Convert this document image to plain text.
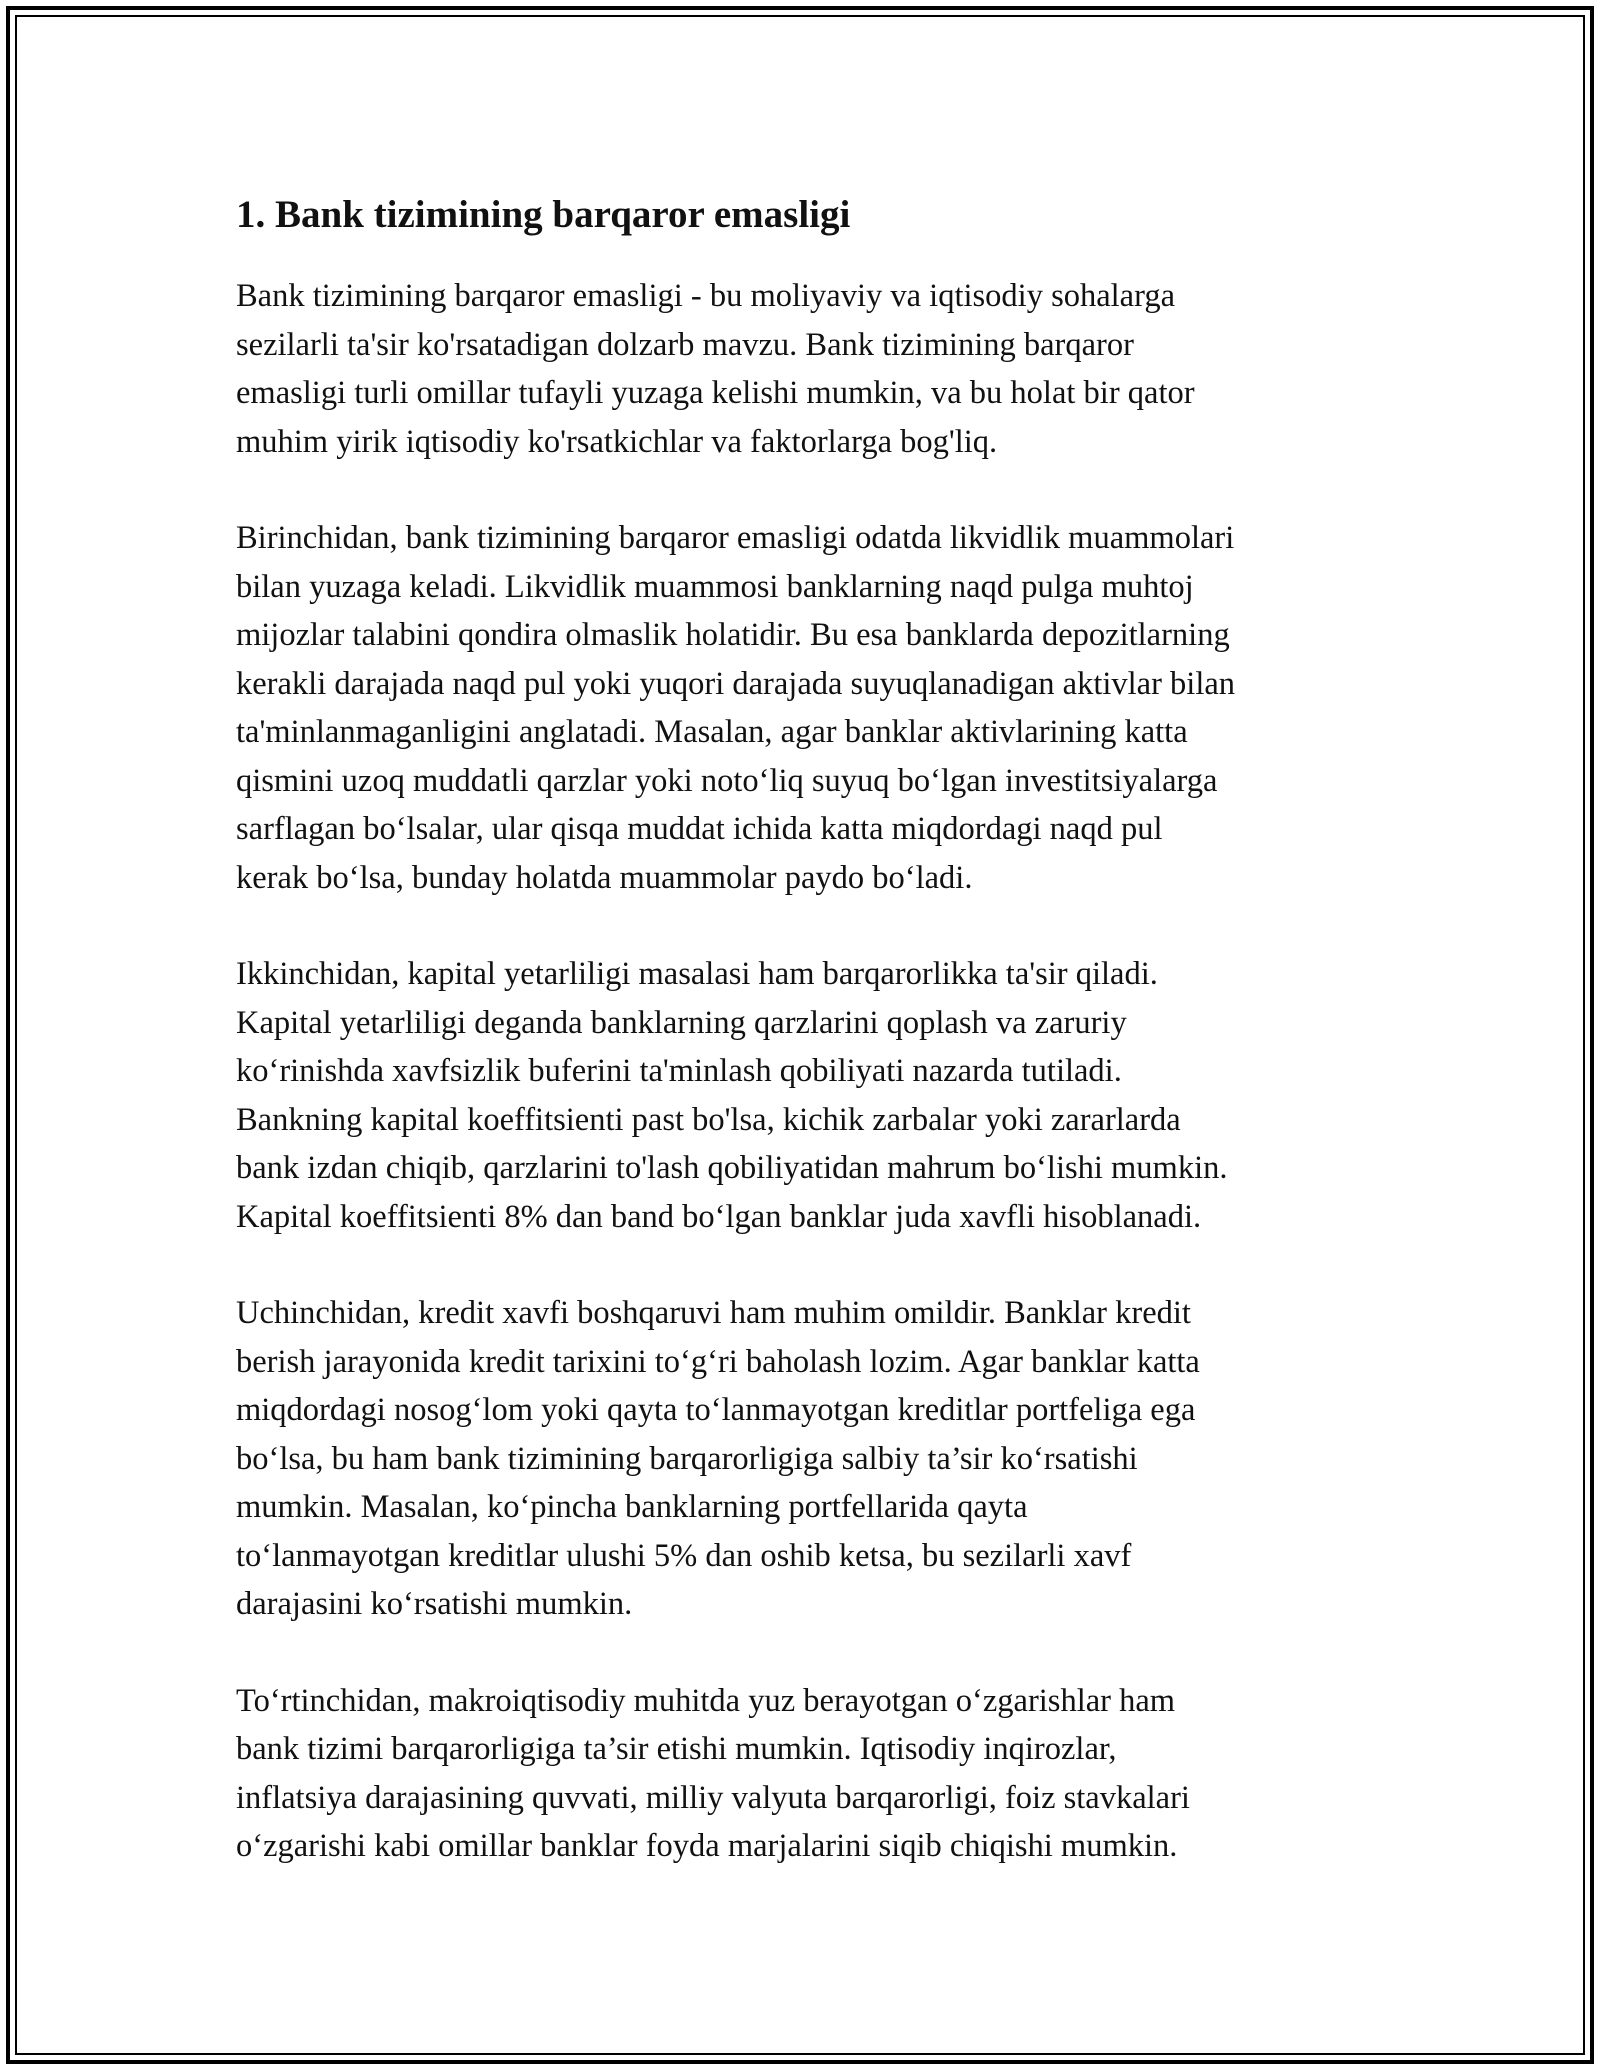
1. Bank tizimining barqaror emasligi

Bank tizimining barqaror emasligi - bu moliyaviy va iqtisodiy sohalarga
sezilarli ta'sir ko'rsatadigan dolzarb mavzu. Bank tizimining barqaror
emasligi turli omillar tufayli yuzaga kelishi mumkin, va bu holat bir qator
muhim yirik iqtisodiy ko'rsatkichlar va faktorlarga bog'liq.

Birinchidan, bank tizimining barqaror emasligi odatda likvidlik muammolari
bilan yuzaga keladi. Likvidlik muammosi banklarning naqd pulga muhtoj
mijozlar talabini qondira olmaslik holatidir. Bu esa banklarda depozitlarning
kerakli darajada naqd pul yoki yuqori darajada suyuqlanadigan aktivlar bilan
ta'minlanmaganligini anglatadi. Masalan, agar banklar aktivlarining katta
qismini uzoq muddatli qarzlar yoki noto‘liq suyuq bo‘lgan investitsiyalarga
sarflagan bo‘lsalar, ular qisqa muddat ichida katta miqdordagi naqd pul
kerak bo‘lsa, bunday holatda muammolar paydo bo‘ladi.

Ikkinchidan, kapital yetarliligi masalasi ham barqarorlikka ta'sir qiladi.
Kapital yetarliligi deganda banklarning qarzlarini qoplash va zaruriy
ko‘rinishda xavfsizlik buferini ta'minlash qobiliyati nazarda tutiladi.
Bankning kapital koeffitsienti past bo'lsa, kichik zarbalar yoki zararlarda
bank izdan chiqib, qarzlarini to'lash qobiliyatidan mahrum bo‘lishi mumkin.
Kapital koeffitsienti 8% dan band bo‘lgan banklar juda xavfli hisoblanadi.

Uchinchidan, kredit xavfi boshqaruvi ham muhim omildir. Banklar kredit
berish jarayonida kredit tarixini to‘g‘ri baholash lozim. Agar banklar katta
miqdordagi nosog‘lom yoki qayta to‘lanmayotgan kreditlar portfeliga ega
bo‘lsa, bu ham bank tizimining barqarorligiga salbiy ta’sir ko‘rsatishi
mumkin. Masalan, ko‘pincha banklarning portfellarida qayta
to‘lanmayotgan kreditlar ulushi 5% dan oshib ketsa, bu sezilarli xavf
darajasini ko‘rsatishi mumkin.

To‘rtinchidan, makroiqtisodiy muhitda yuz berayotgan o‘zgarishlar ham
bank tizimi barqarorligiga ta’sir etishi mumkin. Iqtisodiy inqirozlar,
inflatsiya darajasining quvvati, milliy valyuta barqarorligi, foiz stavkalari
o‘zgarishi kabi omillar banklar foyda marjalarini siqib chiqishi mumkin.
